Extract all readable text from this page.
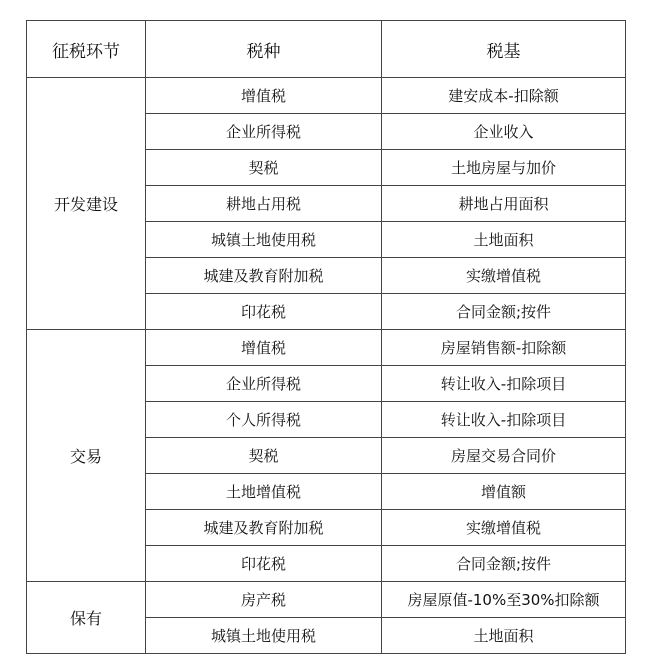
征税环节	税种	税基
开发建设	增值税	建安成本-扣除额
	企业所得税	企业收入
	契税	土地房屋与加价
	耕地占用税	耕地占用面积
	城镇土地使用税	土地面积
	城建及教育附加税	实缴增值税
	印花税	合同金额;按件
交易	增值税	房屋销售额-扣除额
	企业所得税	转让收入-扣除项目
	个人所得税	转让收入-扣除项目
	契税	房屋交易合同价
	土地增值税	增值额
	城建及教育附加税	实缴增值税
	印花税	合同金额;按件
保有	房产税	房屋原值-10%至30%扣除额
	城镇土地使用税	土地面积
